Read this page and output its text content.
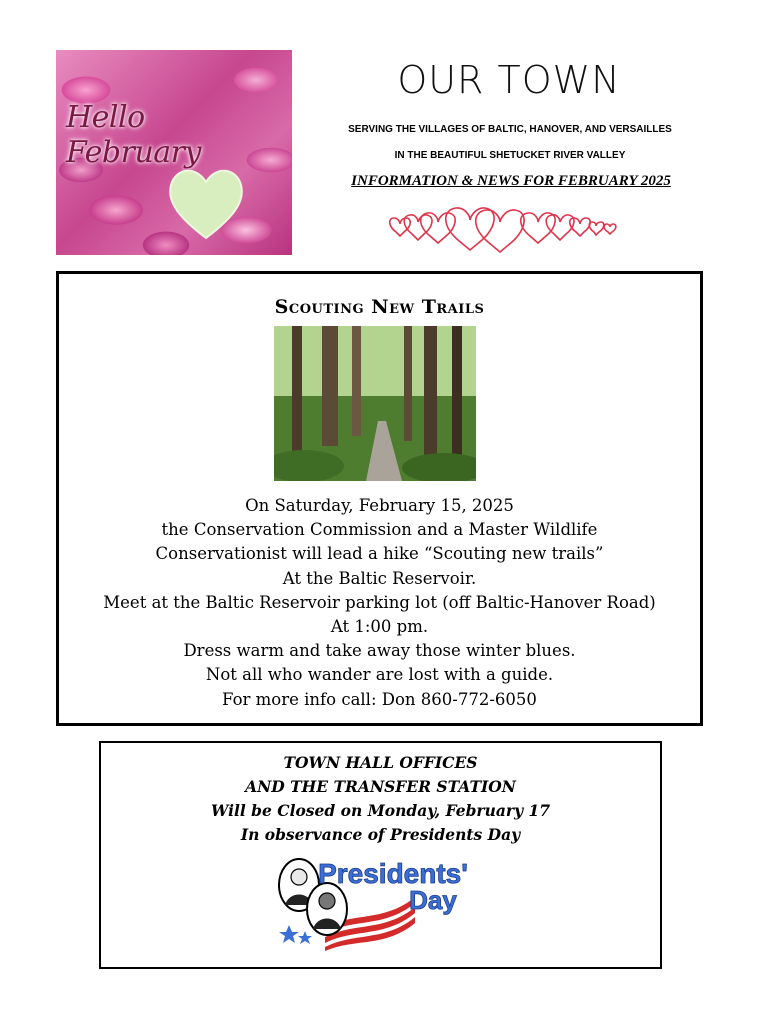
Hello February
OUR TOWN
SERVING THE VILLAGES OF BALTIC, HANOVER, AND VERSAILLES
IN THE BEAUTIFUL SHETUCKET RIVER VALLEY
INFORMATION & NEWS FOR FEBRUARY 2025
Scouting New Trails
On Saturday, February 15, 2025
the Conservation Commission and a Master Wildlife
Conservationist will lead a hike “Scouting new trails”
At the Baltic Reservoir.
Meet at the Baltic Reservoir parking lot (off Baltic-Hanover Road)
At 1:00 pm.
Dress warm and take away those winter blues.
Not all who wander are lost with a guide.
For more info call: Don 860-772-6050
TOWN HALL OFFICES
AND THE TRANSFER STATION
Will be Closed on Monday, February 17
In observance of Presidents Day
Presidents'
Day
